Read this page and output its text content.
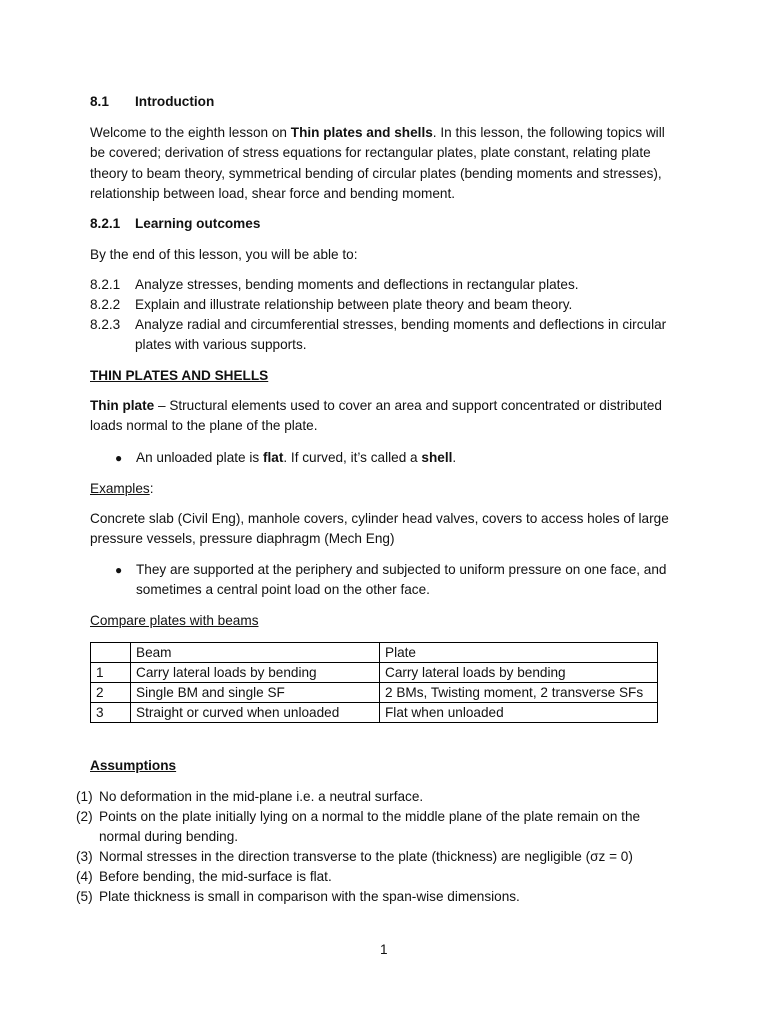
8.1 Introduction
Welcome to the eighth lesson on Thin plates and shells. In this lesson, the following topics will be covered; derivation of stress equations for rectangular plates, plate constant, relating plate theory to beam theory, symmetrical bending of circular plates (bending moments and stresses), relationship between load, shear force and bending moment.
8.2.1 Learning outcomes
By the end of this lesson, you will be able to:
8.2.1 Analyze stresses, bending moments and deflections in rectangular plates.
8.2.2 Explain and illustrate relationship between plate theory and beam theory.
8.2.3 Analyze radial and circumferential stresses, bending moments and deflections in circular plates with various supports.
THIN PLATES AND SHELLS
Thin plate – Structural elements used to cover an area and support concentrated or distributed loads normal to the plane of the plate.
● An unloaded plate is flat. If curved, it’s called a shell.
Examples:
Concrete slab (Civil Eng), manhole covers, cylinder head valves, covers to access holes of large pressure vessels, pressure diaphragm (Mech Eng)
● They are supported at the periphery and subjected to uniform pressure on one face, and sometimes a central point load on the other face.
Compare plates with beams
	Beam	Plate
1	Carry lateral loads by bending	Carry lateral loads by bending
2	Single BM and single SF	2 BMs, Twisting moment, 2 transverse SFs
3	Straight or curved when unloaded	Flat when unloaded
Assumptions
(1) No deformation in the mid-plane i.e. a neutral surface.
(2) Points on the plate initially lying on a normal to the middle plane of the plate remain on the normal during bending.
(3) Normal stresses in the direction transverse to the plate (thickness) are negligible (σz = 0)
(4) Before bending, the mid-surface is flat.
(5) Plate thickness is small in comparison with the span-wise dimensions.
1
